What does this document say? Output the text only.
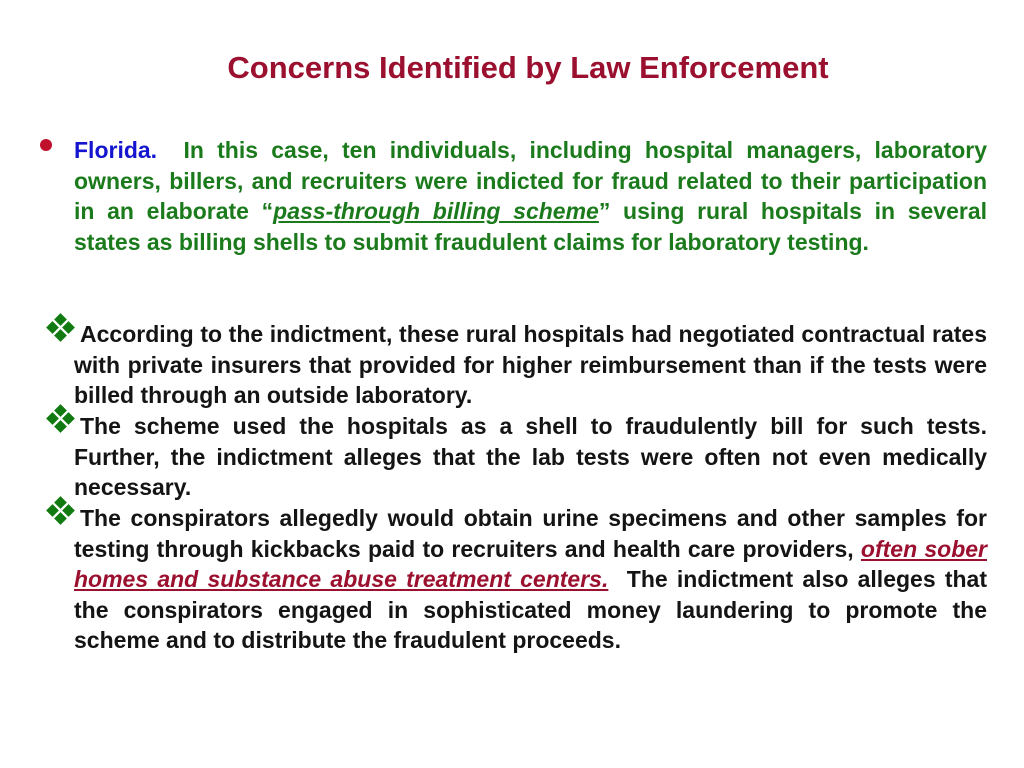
Concerns Identified by Law Enforcement

Florida.  In this case, ten individuals, including hospital managers, laboratory owners, billers, and recruiters were indicted for fraud related to their participation in an elaborate “pass-through billing scheme” using rural hospitals in several states as billing shells to submit fraudulent claims for laboratory testing.

According to the indictment, these rural hospitals had negotiated contractual rates with private insurers that provided for higher reimbursement than if the tests were billed through an outside laboratory.

The scheme used the hospitals as a shell to fraudulently bill for such tests.  Further, the indictment alleges that the lab tests were often not even medically necessary.

The conspirators allegedly would obtain urine specimens and other samples for testing through kickbacks paid to recruiters and health care providers, often sober homes and substance abuse treatment centers.  The indictment also alleges that the conspirators engaged in sophisticated money laundering to promote the scheme and to distribute the fraudulent proceeds.
